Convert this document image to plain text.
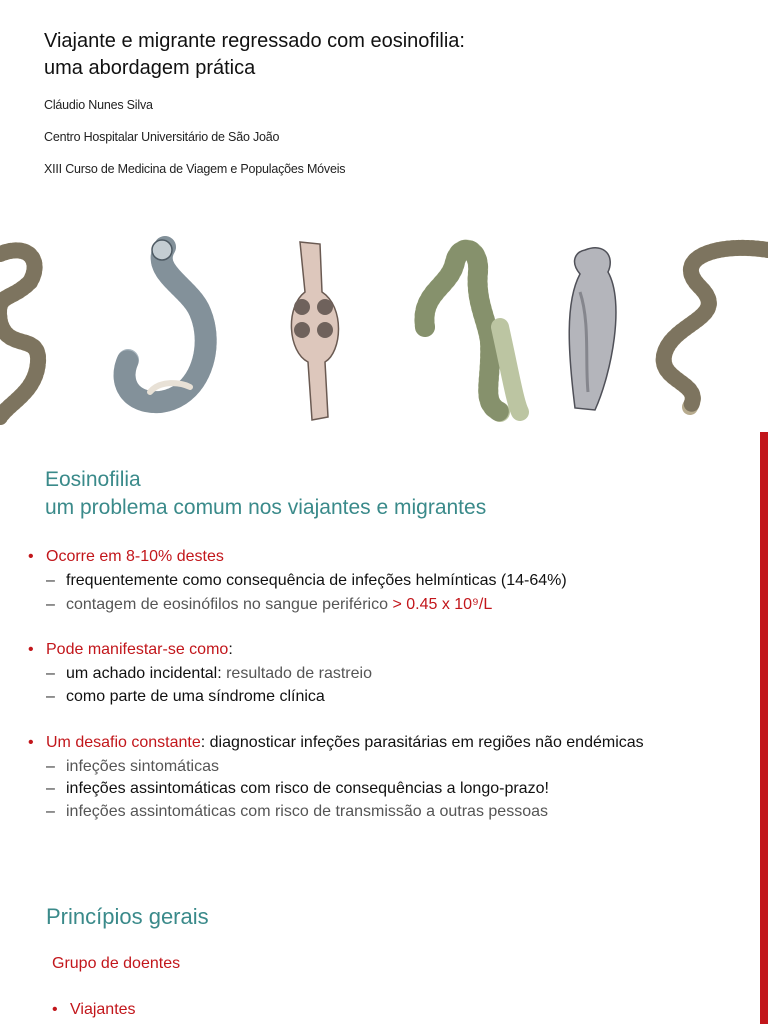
Viajante e migrante regressado com eosinofilia:
uma abordagem prática
Cláudio Nunes Silva
Centro Hospitalar Universitário de São João
XIII Curso de Medicina de Viagem e Populações Móveis
Eosinofilia
um problema comum nos viajantes e migrantes
• Ocorre em 8-10% destes
– frequentemente como consequência de infeções helmínticas (14-64%)
– contagem de eosinófilos no sangue periférico > 0.45 x 10⁹/L
• Pode manifestar-se como:
– um achado incidental: resultado de rastreio
– como parte de uma síndrome clínica
• Um desafio constante: diagnosticar infeções parasitárias em regiões não endémicas
– infeções sintomáticas
– infeções assintomáticas com risco de consequências a longo-prazo!
– infeções assintomáticas com risco de transmissão a outras pessoas
Princípios gerais
Grupo de doentes
• Viajantes
